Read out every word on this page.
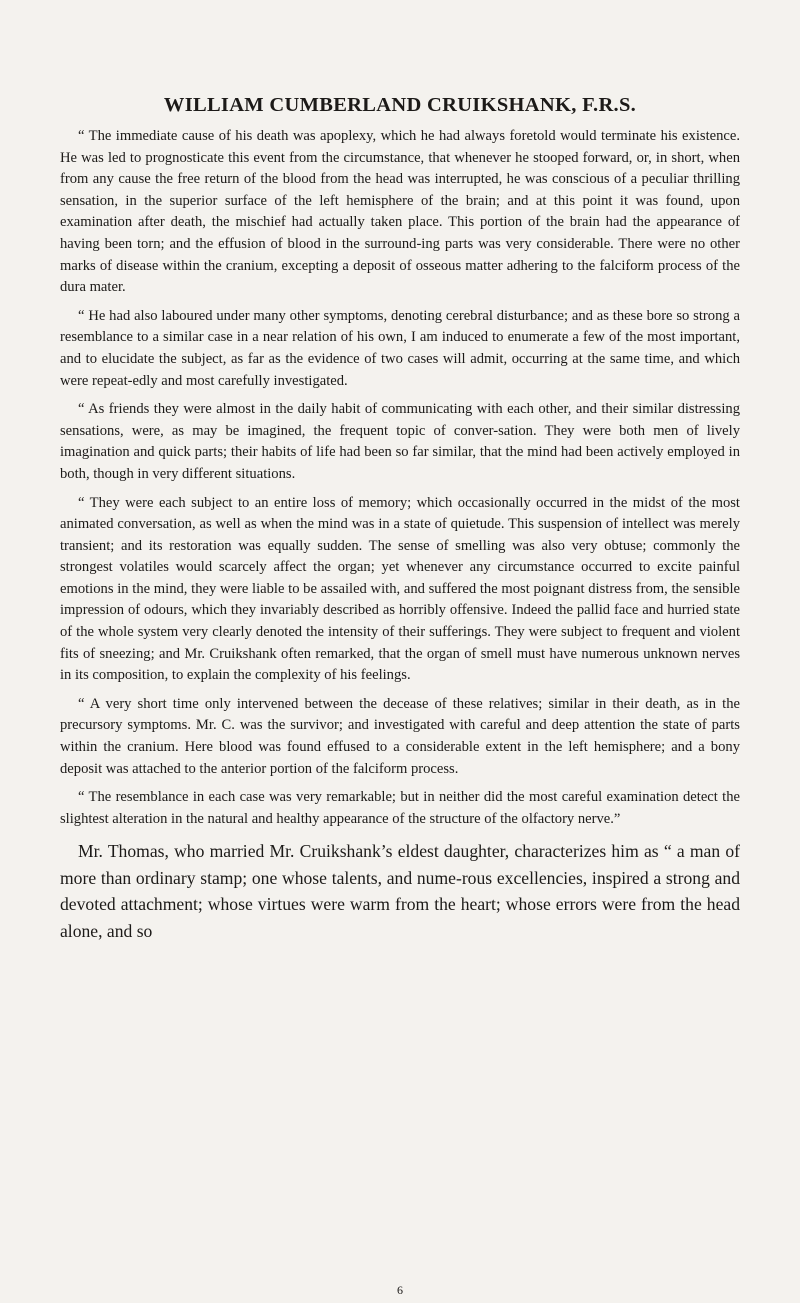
WILLIAM CUMBERLAND CRUIKSHANK, F.R.S.

“ The immediate cause of his death was apoplexy, which he had always foretold would terminate his existence. He was led to prognosticate this event from the circumstance, that whenever he stooped forward, or, in short, when from any cause the free return of the blood from the head was interrupted, he was conscious of a peculiar thrilling sensation, in the superior surface of the left hemisphere of the brain; and at this point it was found, upon examination after death, the mischief had actually taken place. This portion of the brain had the appearance of having been torn; and the effusion of blood in the surround-ing parts was very considerable. There were no other marks of disease within the cranium, excepting a deposit of osseous matter adhering to the falciform process of the dura mater.

“ He had also laboured under many other symptoms, denoting cerebral disturbance; and as these bore so strong a resemblance to a similar case in a near relation of his own, I am induced to enumerate a few of the most important, and to elucidate the subject, as far as the evidence of two cases will admit, occurring at the same time, and which were repeat-edly and most carefully investigated.

“ As friends they were almost in the daily habit of communicating with each other, and their similar distressing sensations, were, as may be imagined, the frequent topic of conver-sation. They were both men of lively imagination and quick parts; their habits of life had been so far similar, that the mind had been actively employed in both, though in very different situations.

“ They were each subject to an entire loss of memory; which occasionally occurred in the midst of the most animated conversation, as well as when the mind was in a state of quietude. This suspension of intellect was merely transient; and its restoration was equally sudden. The sense of smelling was also very obtuse; commonly the strongest volatiles would scarcely affect the organ; yet whenever any circumstance occurred to excite painful emotions in the mind, they were liable to be assailed with, and suffered the most poignant distress from, the sensible impression of odours, which they invariably described as horribly offensive. Indeed the pallid face and hurried state of the whole system very clearly denoted the intensity of their sufferings. They were subject to frequent and violent fits of sneezing; and Mr. Cruikshank often remarked, that the organ of smell must have numerous unknown nerves in its composition, to explain the complexity of his feelings.

“ A very short time only intervened between the decease of these relatives; similar in their death, as in the precursory symptoms. Mr. C. was the survivor; and investigated with careful and deep attention the state of parts within the cranium. Here blood was found effused to a considerable extent in the left hemisphere; and a bony deposit was attached to the anterior portion of the falciform process.

“ The resemblance in each case was very remarkable; but in neither did the most careful examination detect the slightest alteration in the natural and healthy appearance of the structure of the olfactory nerve.”

Mr. Thomas, who married Mr. Cruikshank’s eldest daughter, characterizes him as “ a man of more than ordinary stamp; one whose talents, and nume-rous excellencies, inspired a strong and devoted attachment; whose virtues were warm from the heart; whose errors were from the head alone, and so

6
